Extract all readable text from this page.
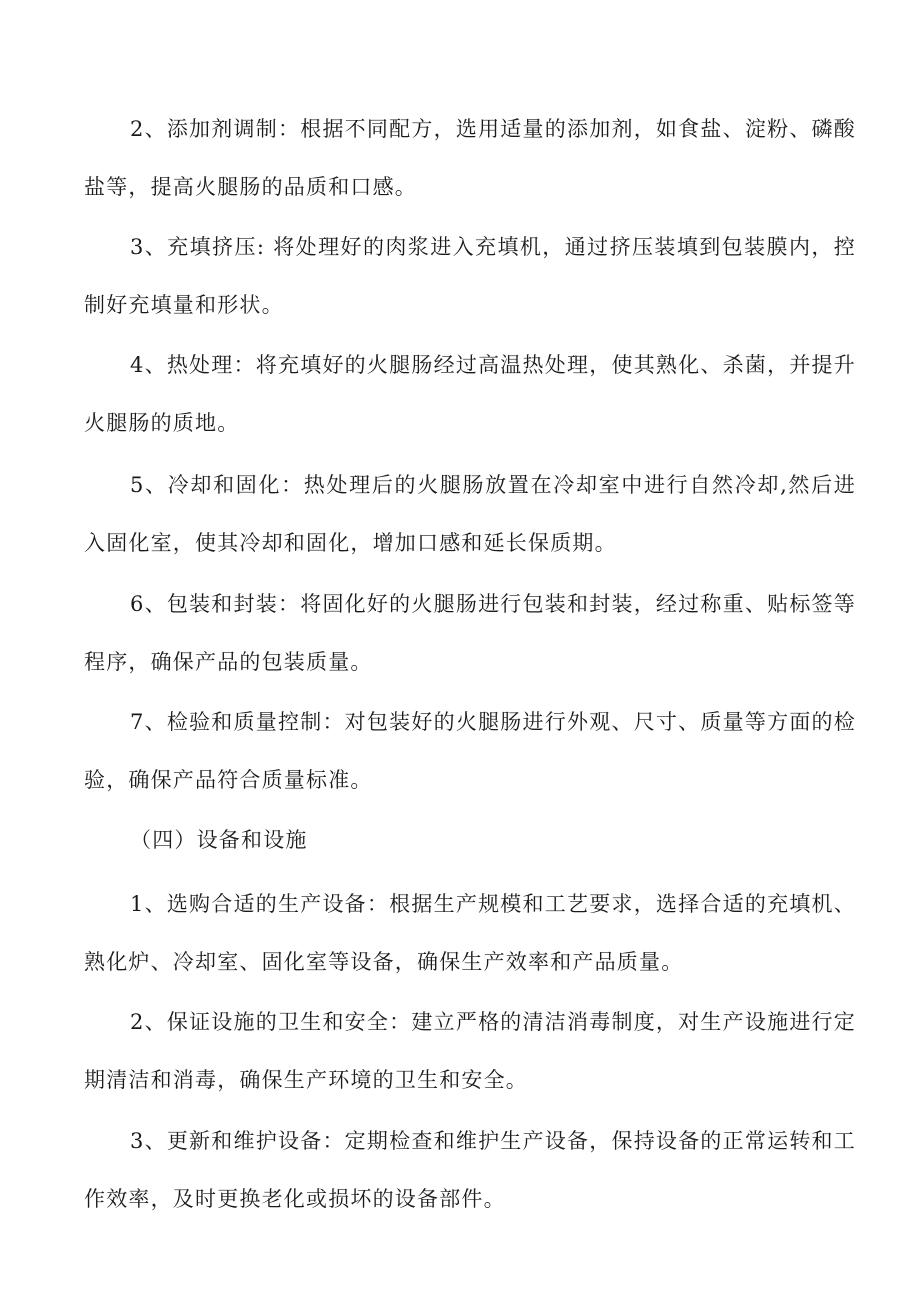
2、添加剂调制：根据不同配方，选用适量的添加剂，如食盐、淀粉、磷酸盐等，提高火腿肠的品质和口感。

3、充填挤压: 将处理好的肉浆进入充填机，通过挤压装填到包装膜内，控制好充填量和形状。

4、热处理：将充填好的火腿肠经过高温热处理，使其熟化、杀菌，并提升火腿肠的质地。

5、冷却和固化：热处理后的火腿肠放置在冷却室中进行自然冷却,然后进入固化室，使其冷却和固化，增加口感和延长保质期。

6、包装和封装：将固化好的火腿肠进行包装和封装，经过称重、贴标签等程序，确保产品的包装质量。

7、检验和质量控制：对包装好的火腿肠进行外观、尺寸、质量等方面的检验，确保产品符合质量标准。

（四）设备和设施

1、选购合适的生产设备：根据生产规模和工艺要求，选择合适的充填机、熟化炉、冷却室、固化室等设备，确保生产效率和产品质量。

2、保证设施的卫生和安全：建立严格的清洁消毒制度，对生产设施进行定期清洁和消毒，确保生产环境的卫生和安全。

3、更新和维护设备：定期检查和维护生产设备，保持设备的正常运转和工作效率，及时更换老化或损坏的设备部件。
